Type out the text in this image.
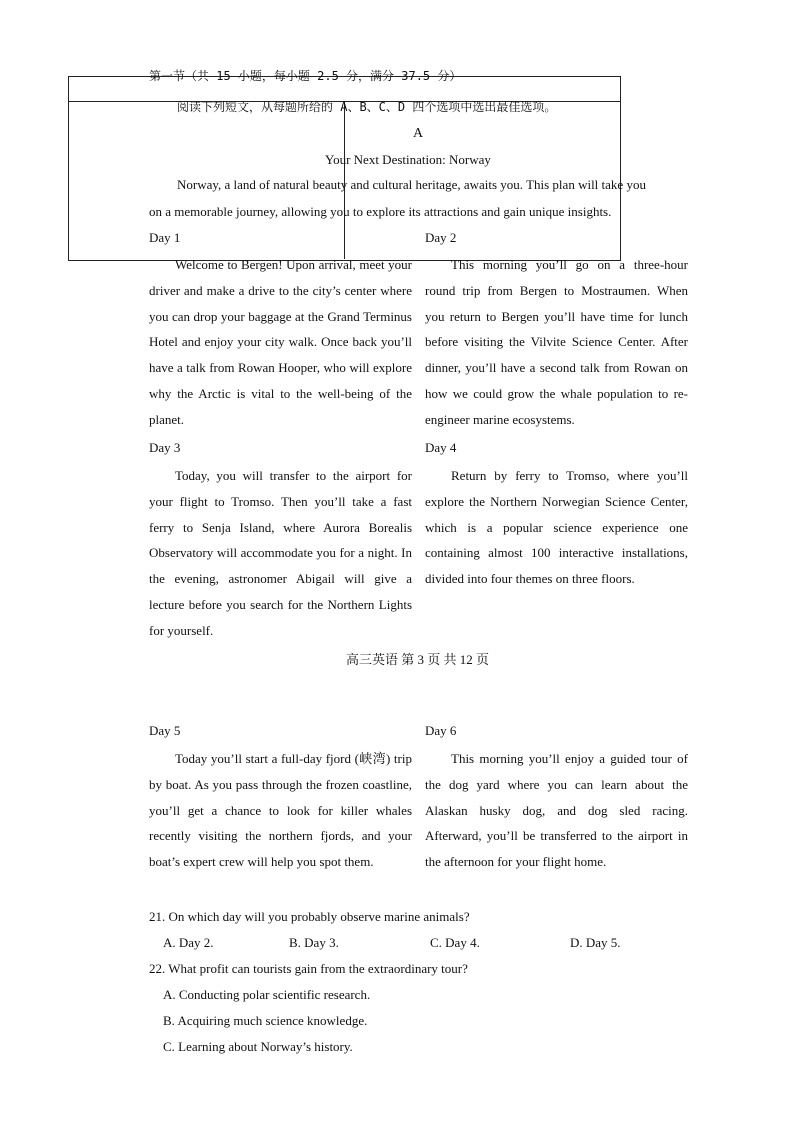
第一节（共 15 小题，每小题 2.5 分，满分 37.5 分）
阅读下列短文，从每题所给的 A、B、C、D 四个选项中选出最佳选项。
A
Your Next Destination: Norway
Norway, a land of natural beauty and cultural heritage, awaits you. This plan will take you
on a memorable journey, allowing you to explore its attractions and gain unique insights.
Day 1	Day 2
Welcome to Bergen! Upon arrival, meet your driver and make a drive to the city’s center where you can drop your baggage at the Grand Terminus Hotel and enjoy your city walk. Once back you’ll have a talk from Rowan Hooper, who will explore why the Arctic is vital to the well-being of the planet.
This morning you’ll go on a three-hour round trip from Bergen to Mostraumen. When you return to Bergen you’ll have time for lunch before visiting the Vilvite Science Center. After dinner, you’ll have a second talk from Rowan on how we could grow the whale population to re-engineer marine ecosystems.
Day 3	Day 4
Today, you will transfer to the airport for your flight to Tromso. Then you’ll take a fast ferry to Senja Island, where Aurora Borealis Observatory will accommodate you for a night. In the evening, astronomer Abigail will give a lecture before you search for the Northern Lights for yourself.
Return by ferry to Tromso, where you’ll explore the Northern Norwegian Science Center, which is a popular science experience one containing almost 100 interactive installations, divided into four themes on three floors.
高三英语 第 3 页 共 12 页
Day 5	Day 6
Today you’ll start a full-day fjord (峡湾) trip by boat. As you pass through the frozen coastline, you’ll get a chance to look for killer whales recently visiting the northern fjords, and your boat’s expert crew will help you spot them.
This morning you’ll enjoy a guided tour of the dog yard where you can learn about the Alaskan husky dog, and dog sled racing. Afterward, you’ll be transferred to the airport in the afternoon for your flight home.
21. On which day will you probably observe marine animals?
A. Day 2.	B. Day 3.	C. Day 4.	D. Day 5.
22. What profit can tourists gain from the extraordinary tour?
A. Conducting polar scientific research.
B. Acquiring much science knowledge.
C. Learning about Norway’s history.
